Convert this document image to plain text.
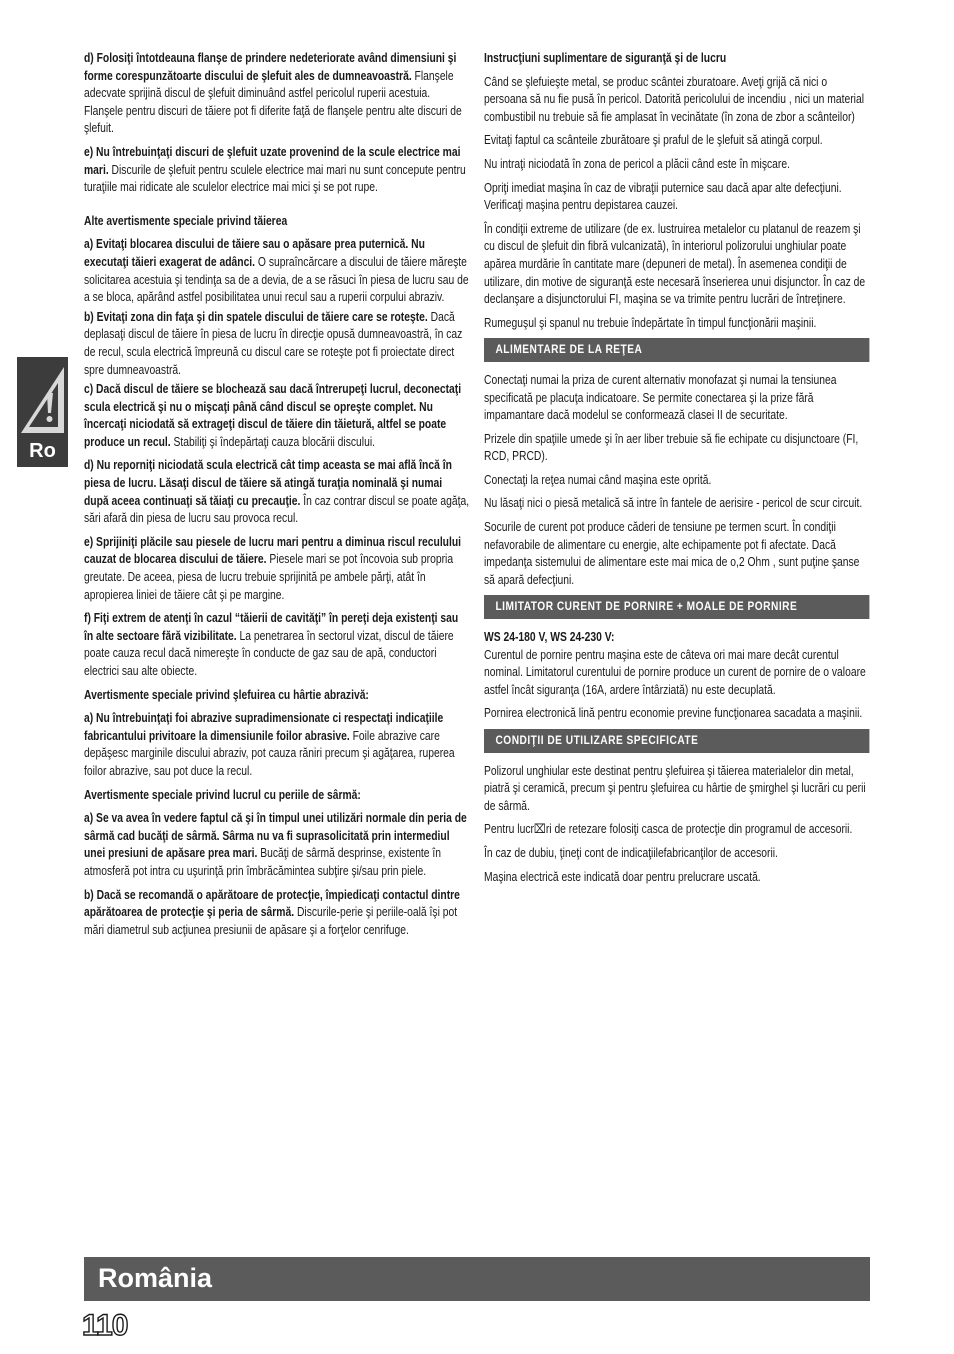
Ro
d) Folosiţi întotdeauna flanşe de prindere nedeteriorate având dimensiuni şi forme corespunzătoarte discului de şlefuit ales de dumneavoastră. Flanşele adecvate sprijină discul de şlefuit diminuând astfel pericolul ruperii acestuia. Flanşele pentru discuri de tăiere pot fi diferite faţă de flanşele pentru alte discuri de şlefuit.
e) Nu întrebuinţaţi discuri de şlefuit uzate provenind de la scule electrice mai mari. Discurile de şlefuit pentru sculele electrice mai mari nu sunt concepute pentru turaţiile mai ridicate ale sculelor electrice mai mici şi se pot rupe.
Alte avertismente speciale privind tăierea
a) Evitaţi blocarea discului de tăiere sau o apăsare prea puternică. Nu executaţi tăieri exagerat de adânci. O supraîncărcare a discului de tăiere măreşte solicitarea acestuia şi tendinţa sa de a devia, de a se răsuci în piesa de lucru sau de a se bloca, apărând astfel posibilitatea unui recul sau a ruperii corpului abraziv.
b) Evitaţi zona din faţa şi din spatele discului de tăiere care se roteşte. Dacă deplasaţi discul de tăiere în piesa de lucru în direcţie opusă dumneavoastră, în caz de recul, scula electrică împreună cu discul care se roteşte pot fi proiectate direct spre dumneavoastră.
c) Dacă discul de tăiere se blochează sau dacă întrerupeţi lucrul, deconectaţi scula electrică şi nu o mişcaţi până când discul se opreşte complet. Nu încercaţi niciodată să extrageţi discul de tăiere din tăietură, altfel se poate produce un recul. Stabiliţi şi îndepărtaţi cauza blocării discului.
d) Nu reporniţi niciodată scula electrică cât timp aceasta se mai află încă în piesa de lucru. Lăsaţi discul de tăiere să atingă turaţia nominală şi numai după aceea continuaţi să tăiaţi cu precauţie. În caz contrar discul se poate agăţa, sări afară din piesa de lucru sau provoca recul.
e) Sprijiniţi plăcile sau piesele de lucru mari pentru a diminua riscul reculului cauzat de blocarea discului de tăiere. Piesele mari se pot încovoia sub propria greutate. De aceea, piesa de lucru trebuie sprijinită pe ambele părţi, atât în apropierea liniei de tăiere cât şi pe margine.
f) Fiţi extrem de atenţi în cazul “tăierii de cavităţi” în pereţi deja existenţi sau în alte sectoare fără vizibilitate. La penetrarea în sectorul vizat, discul de tăiere poate cauza recul dacă nimereşte în conducte de gaz sau de apă, conductori electrici sau alte obiecte.
Avertismente speciale privind şlefuirea cu hârtie abrazivă:
a) Nu întrebuinţaţi foi abrazive supradimensionate ci respectaţi indicaţiile fabricantului privitoare la dimensiunile foilor abrasive. Foile abrazive care depăşesc marginile discului abraziv, pot cauza răniri precum şi agăţarea, ruperea foilor abrazive, sau pot duce la recul.
Avertismente speciale privind lucrul cu periile de sârmă:
a) Se va avea în vedere faptul că şi în timpul unei utilizări normale din peria de sârmă cad bucăţi de sârmă. Sârma nu va fi suprasolicitată prin intermediul unei presiuni de apăsare prea mari. Bucăţi de sârmă desprinse, existente în atmosferă pot intra cu uşurinţă prin îmbrăcămintea subţire şi/sau prin piele.
b) Dacă se recomandă o apărătoare de protecţie, împiedicaţi contactul dintre apărătoarea de protecţie şi peria de sârmă. Discurile-perie şi periile-oală îşi pot mări diametrul sub acţiunea presiunii de apăsare şi a forţelor cenrifuge.
Instrucţiuni suplimentare de siguranţă şi de lucru
Când se şlefuieşte metal, se produc scântei zburatoare. Aveţi grijă că nici o persoana să nu fie pusă în pericol. Datorită pericolului de incendiu , nici un material combustibil nu trebuie să fie amplasat în vecinătate (în zona de zbor a scânteilor)
Evitaţi faptul ca scânteile zburătoare şi praful de le şlefuit să atingă corpul.
Nu intraţi niciodată în zona de pericol a plăcii când este în mişcare.
Opriţi imediat maşina în caz de vibraţii puternice sau dacă apar alte defecţiuni. Verificaţi maşina pentru depistarea cauzei.
În condiţii extreme de utilizare (de ex. lustruirea metalelor cu platanul de reazem şi cu discul de şlefuit din fibră vulcanizată), în interiorul polizorului unghiular poate apărea murdărie în cantitate mare (depuneri de metal). În asemenea condiţii de utilizare, din motive de siguranţă este necesară înserierea unui disjunctor. În caz de declanşare a disjunctorului FI, maşina se va trimite pentru lucrări de întreţinere.
Rumeguşul şi spanul nu trebuie îndepărtate în timpul funcţionării maşinii.
ALIMENTARE DE LA REŢEA
Conectaţi numai la priza de curent alternativ monofazat şi numai la tensiunea specificată pe placuţa indicatoare. Se permite conectarea şi la prize fără impamantare dacă modelul se conformează clasei II de securitate.
Prizele din spaţiile umede şi în aer liber trebuie să fie echipate cu disjunctoare (FI, RCD, PRCD).
Conectaţi la reţea numai când maşina este oprită.
Nu lăsaţi nici o piesă metalică să intre în fantele de aerisire - pericol de scur circuit.
Socurile de curent pot produce căderi de tensiune pe termen scurt. În condiţii nefavorabile de alimentare cu energie, alte echipamente pot fi afectate. Dacă impedanţa sistemului de alimentare este mai mica de o,2 Ohm , sunt puţine şanse să apară defecţiuni.
LIMITATOR CURENT DE PORNIRE + MOALE DE PORNIRE
WS 24-180 V, WS 24-230 V:
Curentul de pornire pentru maşina este de câteva ori mai mare decât curentul nominal. Limitatorul curentului de pornire produce un curent de pornire de o valoare astfel încât siguranţa (16A, ardere întârziată) nu este decuplată.
Pornirea electronică lină pentru economie previne funcţionarea sacadata a maşinii.
CONDIŢII DE UTILIZARE SPECIFICATE
Polizorul unghiular este destinat pentru şlefuirea şi tăierea materialelor din metal, piatră şi ceramică, precum şi pentru şlefuirea cu hârtie de şmirghel şi lucrări cu perii de sârmă.
Pentru lucr⌧ri de retezare folosiţi casca de protecţie din programul de accesorii.
În caz de dubiu, ţineţi cont de indicaţiilefabricanţilor de accesorii.
Maşina electrică este indicată doar pentru prelucrare uscată.
România
110
